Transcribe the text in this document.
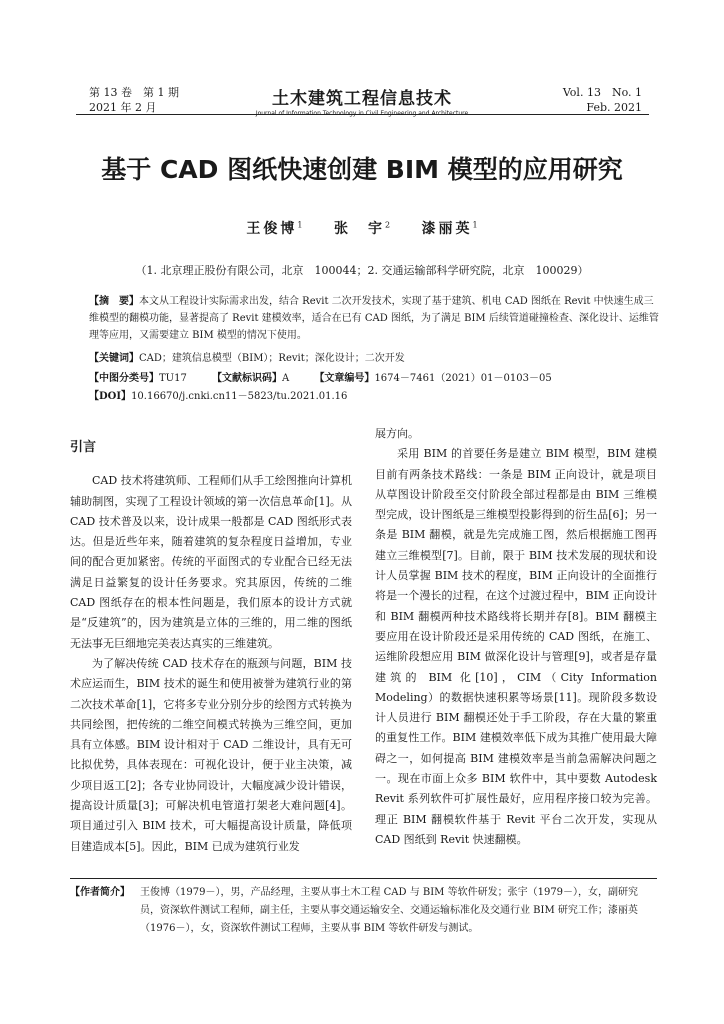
第 13 卷　第 1 期
2021 年 2 月	土木建筑工程信息技术
Journal of Information Technology in Civil Engineering and Architecture
Vol. 13　No. 1
Feb. 2021
基于 CAD 图纸快速创建 BIM 模型的应用研究
王俊博$^1$ 张　宇$^2$ 漆丽英$^1$
（1. 北京理正股份有限公司，北京　100044；2. 交通运输部科学研究院，北京　100029）
【摘　要】本文从工程设计实际需求出发，结合 Revit 二次开发技术，实现了基于建筑、机电 CAD 图纸在 Revit 中快速生成三维模型的翻模功能，显著提高了 Revit 建模效率，适合在已有 CAD 图纸，为了满足 BIM 后续管道碰撞检查、深化设计、运维管理等应用，又需要建立 BIM 模型的情况下使用。
【关键词】CAD；建筑信息模型（BIM）；Revit；深化设计；二次开发
【中图分类号】TU17	【文献标识码】A	【文章编号】1674－7461（2021）01－0103－05
【DOI】10.16670/j.cnki.cn11－5823/tu.2021.01.16
引言

CAD 技术将建筑师、工程师们从手工绘图推向计算机辅助制图，实现了工程设计领域的第一次信息革命[1]。从 CAD 技术普及以来，设计成果一般都是 CAD 图纸形式表达。但是近些年来，随着建筑的复杂程度日益增加，专业间的配合更加紧密。传统的平面图式的专业配合已经无法满足日益繁复的设计任务要求。究其原因，传统的二维 CAD 图纸存在的根本性问题是，我们原本的设计方式就是“反建筑”的，因为建筑是立体的三维的，用二维的图纸无法事无巨细地完美表达真实的三维建筑。

为了解决传统 CAD 技术存在的瓶颈与问题，BIM 技术应运而生，BIM 技术的诞生和使用被誉为建筑行业的第二次技术革命[1]，它将多专业分别分步的绘图方式转换为共同绘图，把传统的二维空间模式转换为三维空间，更加具有立体感。BIM 设计相对于 CAD 二维设计，具有无可比拟优势，具体表现在：可视化设计，便于业主决策，减少项目返工[2]；各专业协同设计，大幅度减少设计错误，提高设计质量[3]；可解决机电管道打架老大难问题[4]。项目通过引入 BIM 技术，可大幅提高设计质量，降低项目建造成本[5]。因此，BIM 已成为建筑行业发

展方向。

采用 BIM 的首要任务是建立 BIM 模型，BIM 建模目前有两条技术路线：一条是 BIM 正向设计，就是项目从草图设计阶段至交付阶段全部过程都是由 BIM 三维模型完成，设计图纸是三维模型投影得到的衍生品[6]；另一条是 BIM 翻模，就是先完成施工图，然后根据施工图再建立三维模型[7]。目前，限于 BIM 技术发展的现状和设计人员掌握 BIM 技术的程度，BIM 正向设计的全面推行将是一个漫长的过程，在这个过渡过程中，BIM 正向设计和 BIM 翻模两种技术路线将长期并存[8]。BIM 翻模主要应用在设计阶段还是采用传统的 CAD 图纸，在施工、运维阶段想应用 BIM 做深化设计与管理[9]，或者是存量建筑的 BIM 化[10]，CIM（City Information Modeling）的数据快速积累等场景[11]。现阶段多数设计人员进行 BIM 翻模还处于手工阶段，存在大量的繁重的重复性工作。BIM 建模效率低下成为其推广使用最大障碍之一，如何提高 BIM 建模效率是当前急需解决问题之一。现在市面上众多 BIM 软件中，其中要数 Autodesk Revit 系列软件可扩展性最好，应用程序接口较为完善。理正 BIM 翻模软件基于 Revit 平台二次开发，实现从 CAD 图纸到 Revit 快速翻模。

【作者简介】	王俊博（1979－），男，产品经理，主要从事土木工程 CAD 与 BIM 等软件研发；张宇（1979－），女，副研究员，资深软件测试工程师，副主任，主要从事交通运输安全、交通运输标准化及交通行业 BIM 研究工作；漆丽英（1976－），女，资深软件测试工程师，主要从事 BIM 等软件研发与测试。
